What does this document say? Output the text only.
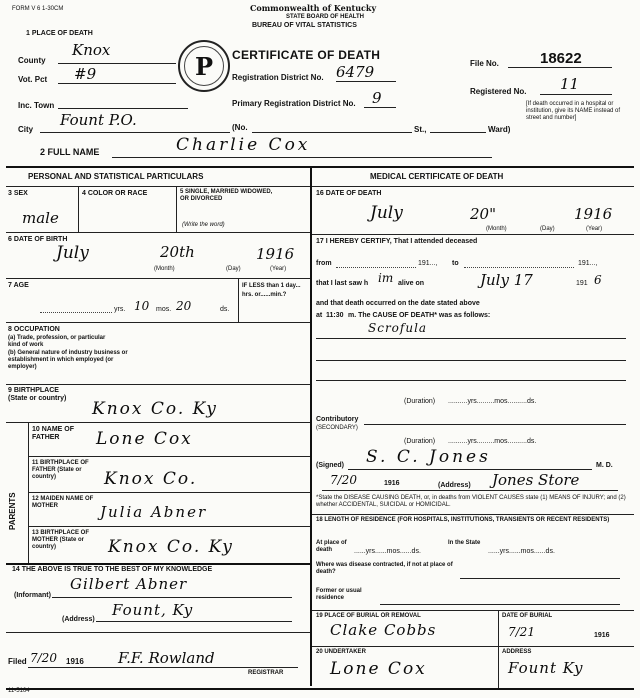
FORM V 6 1-30CM	Commonwealth of Kentucky
STATE BOARD OF HEALTH
BUREAU OF VITAL STATISTICS
1 PLACE OF DEATH
P	CERTIFICATE OF DEATH
File No.	18622
County
Knox
Vot. Pct #9	Registration District No. 6479
Registered No. 11
Inc. Town	Primary Registration District No. 9	[If death occurred in a hospital or institution, give its NAME instead of street and number]
City
Fount P.O.	(No.	St.,	Ward)
2 FULL NAME	Charlie Cox
PERSONAL AND STATISTICAL PARTICULARS	MEDICAL CERTIFICATE OF DEATH
3 SEX
male
4 COLOR OR RACE	5 SINGLE, MARRIED WIDOWED, OR DIVORCED
(Write the word)
6 DATE OF BIRTH
July	20th	1916
(Month)	(Day)	(Year)
7 AGE
yrs. 10 mos. 20	ds.
IF LESS than 1 day... hrs. or......min.?
8 OCCUPATION
(a) Trade, profession, or particular kind of work
(b) General nature of industry business or establishment in which employed (or employer)
9 BIRTHPLACE (State or country)
Knox Co. Ky
PARENTS
10 NAME OF FATHER	Lone Cox
11 BIRTHPLACE OF FATHER (State or country)	Knox Co.
12 MAIDEN NAME OF MOTHER	Julia Abner
13 BIRTHPLACE OF MOTHER (State or country)	Knox Co. Ky
14 THE ABOVE IS TRUE TO THE BEST OF MY KNOWLEDGE
Gilbert Abner
(Informant)
Fount, Ky
(Address)
Filed 7/20 1916 F.F. Rowland
REGISTRAR
11-5164
16 DATE OF DEATH
July	20"	1916
(Month)	(Day)	(Year)
17 I HEREBY CERTIFY, That I attended deceased
from	191..., to	191...,
that I last saw h im alive on	July 17	191 6
and that death occurred on the date stated above
at 11:30 m. The CAUSE OF DEATH* was as follows:
Scrofula
(Duration) ..........yrs.........mos..........ds.
Contributory
(SECONDARY)
(Duration) ..........yrs.........mos..........ds.
(Signed) S. C. Jones	M. D.
7/20	1916	(Address) Jones Store
*State the DISEASE CAUSING DEATH, or, in deaths from VIOLENT CAUSES state (1) MEANS OF INJURY; and (2) whether ACCIDENTAL, SUICIDAL or HOMICIDAL.
18 LENGTH OF RESIDENCE (FOR HOSPITALS, INSTITUTIONS, TRANSIENTS OR RECENT RESIDENTS)
At place of death	......yrs......mos......ds.
In the State
......yrs......mos......ds.
Where was disease contracted, if not at place of death?
Former or usual residence
19 PLACE OF BURIAL OR REMOVAL
Clake Cobbs
DATE OF BURIAL
7/21	1916
20 UNDERTAKER
Lone Cox
ADDRESS
Fount Ky
